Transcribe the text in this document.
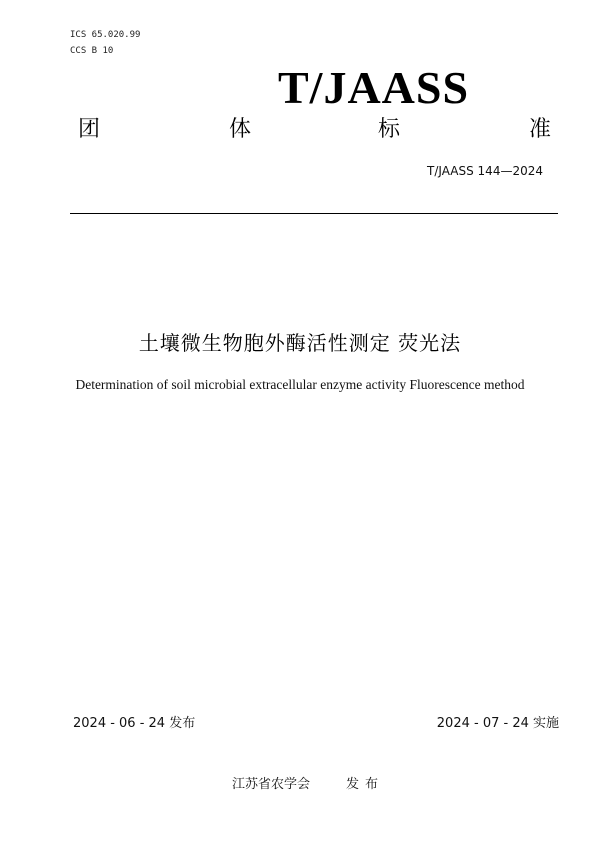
ICS 65.020.99
CCS B 10
T/JAASS
团	体	标	准
T/JAASS 144—2024
土壤微生物胞外酶活性测定 荧光法
Determination of soil microbial extracellular enzyme activity Fluorescence method
2024 - 06 - 24 发布	2024 - 07 - 24 实施
江苏省农学会	发布
